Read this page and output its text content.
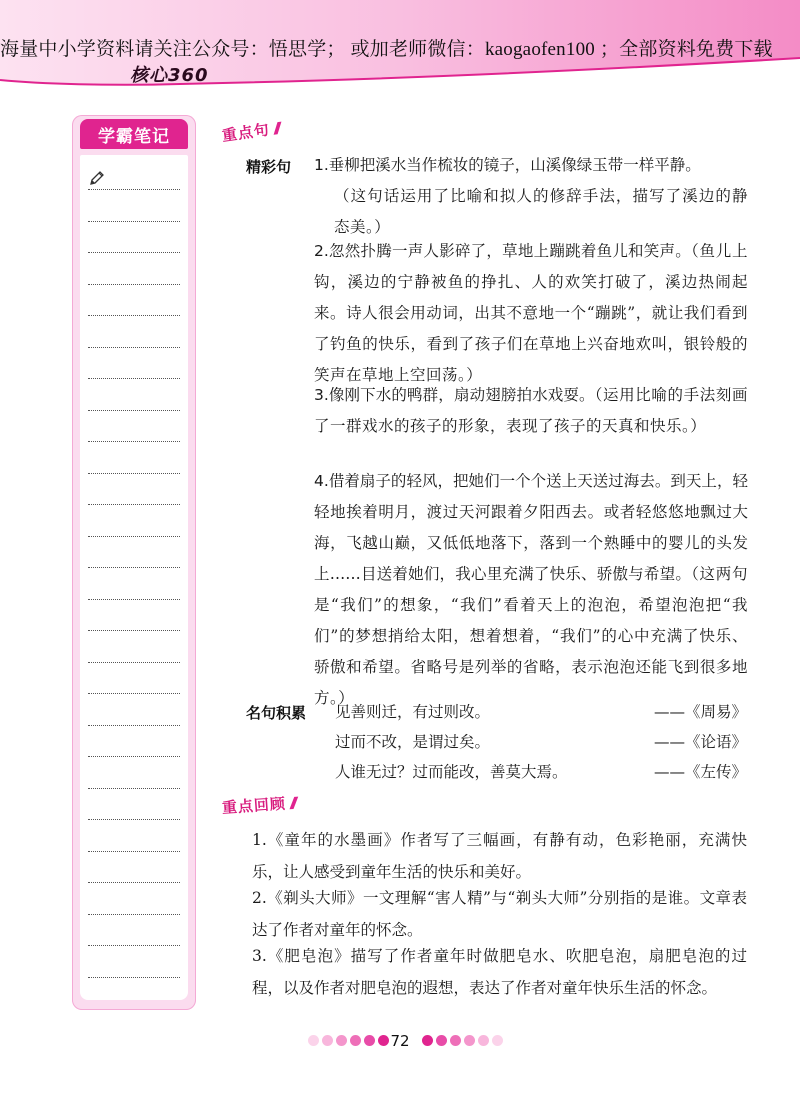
海量中小学资料请关注公众号：悟思学； 或加老师微信：kaogaofen100 ；全部资料免费下载
核心360
学霸笔记	重点句
精彩句 1.垂柳把溪水当作梳妆的镜子，山溪像绿玉带一样平静。
（这句话运用了比喻和拟人的修辞手法，描写了溪边的静态美。）
2.忽然扑腾一声人影碎了，草地上蹦跳着鱼儿和笑声。（鱼儿上钩，溪边的宁静被鱼的挣扎、人的欢笑打破了，溪边热闹起来。诗人很会用动词，出其不意地一个“蹦跳”，就让我们看到了钓鱼的快乐，看到了孩子们在草地上兴奋地欢叫，银铃般的笑声在草地上空回荡。）
3.像刚下水的鸭群，扇动翅膀拍水戏耍。（运用比喻的手法刻画了一群戏水的孩子的形象，表现了孩子的天真和快乐。）
4.借着扇子的轻风，把她们一个个送上天送过海去。到天上，轻轻地挨着明月，渡过天河跟着夕阳西去。或者轻悠悠地飘过大海，飞越山巅，又低低地落下，落到一个熟睡中的婴儿的头发上……目送着她们，我心里充满了快乐、骄傲与希望。（这两句是“我们”的想象，“我们”看着天上的泡泡，希望泡泡把“我们”的梦想捎给太阳，想着想着，“我们”的心中充满了快乐、骄傲和希望。省略号是列举的省略，表示泡泡还能飞到很多地方。）
名句积累 见善则迁，有过则改。	——《周易》
过而不改，是谓过矣。	——《论语》
人谁无过？过而能改，善莫大焉。	——《左传》
重点回顾
1.《童年的水墨画》作者写了三幅画，有静有动，色彩艳丽，充满快乐，让人感受到童年生活的快乐和美好。
2.《剃头大师》一文理解“害人精”与“剃头大师”分别指的是谁。文章表达了作者对童年的怀念。
3.《肥皂泡》描写了作者童年时做肥皂水、吹肥皂泡，扇肥皂泡的过程，以及作者对肥皂泡的遐想，表达了作者对童年快乐生活的怀念。
72
